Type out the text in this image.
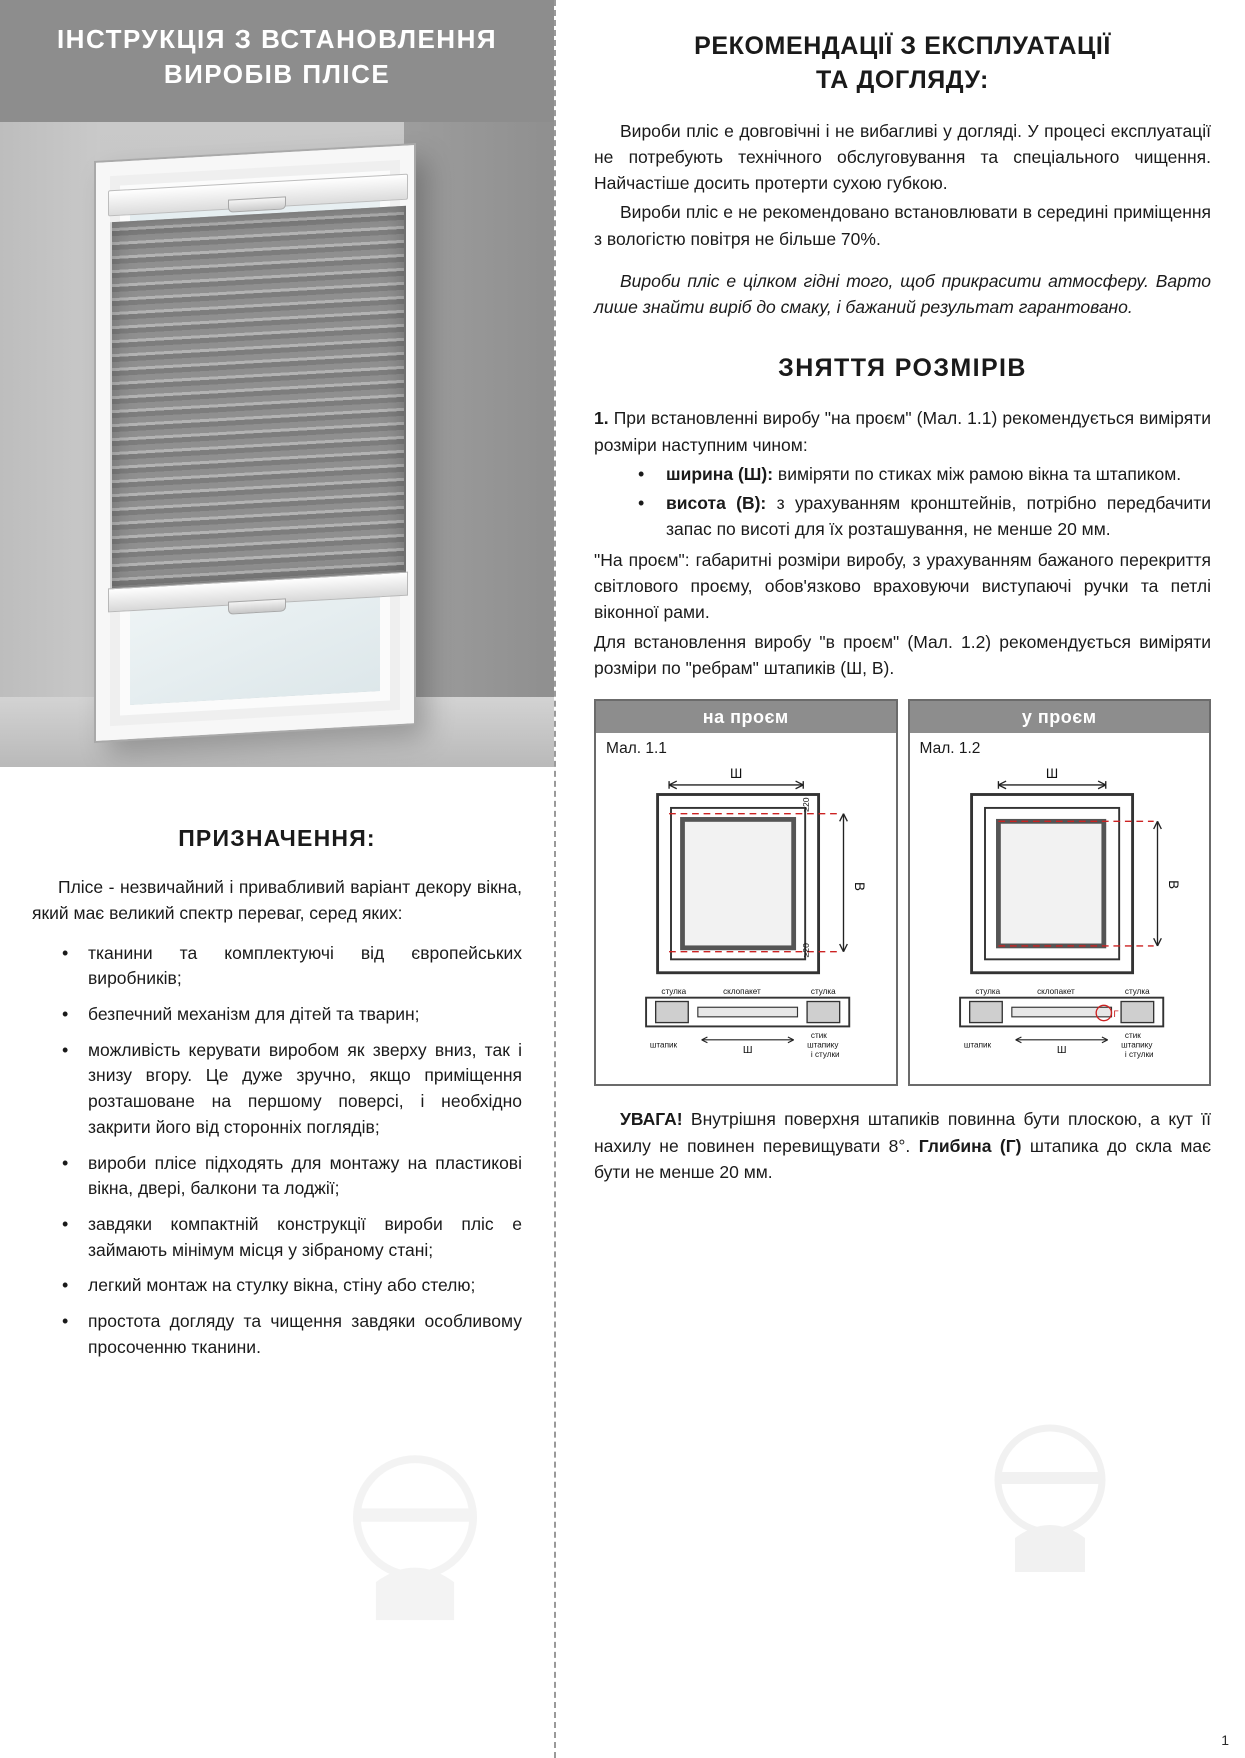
ІНСТРУКЦІЯ З ВСТАНОВЛЕННЯ
ВИРОБІВ ПЛІСЕ
ПРИЗНАЧЕННЯ:

Плісе - незвичайний і привабливий варіант декору вікна, який має великий спектр переваг, серед яких:

• тканини та комплектуючі від європейських виробників;
• безпечний механізм для дітей та тварин;
• можливість керувати виробом як зверху вниз, так і знизу вгору. Це дуже зручно, якщо приміщення розташоване на першому поверсі, і необхідно закрити його від сторонніх поглядів;
• вироби плісе підходять для монтажу на пластикові вікна, двері, балкони та лоджії;
• завдяки компактній конструкції вироби пліс е займають мінімум місця у зібраному стані;
• легкий монтаж на стулку вікна, стіну або стелю;
• простота догляду та чищення завдяки особливому просоченню тканини.
РЕКОМЕНДАЦІЇ З ЕКСПЛУАТАЦІЇ
ТА ДОГЛЯДУ:

Вироби пліс е довговічні і не вибагливі у догляді. У процесі експлуатації не потребують технічного обслуговування та спеціального чищення. Найчастіше досить протерти сухою губкою.

Вироби пліс е не рекомендовано встановлювати в середині приміщення з вологістю повітря не більше 70%.

Вироби пліс е цілком гідні того, щоб прикрасити атмосферу. Варто лише знайти виріб до смаку, і бажаний результат гарантовано.

ЗНЯТТЯ РОЗМІРІВ

1. При встановленні виробу "на проєм" (Мал. 1.1) рекомендується виміряти розміри наступним чином:

• ширина (Ш): виміряти по стиках між рамою вікна та штапиком.
• висота (В): з урахуванням кронштейнів, потрібно передбачити запас по висоті для їх розташування, не менше 20 мм.

"На проєм": габаритні розміри виробу, з урахуванням бажаного перекриття світлового проєму, обов'язково враховуючи виступаючі ручки та петлі віконної рами.

Для встановлення виробу "в проєм" (Мал. 1.2) рекомендується виміряти розміри по "ребрам" штапиків (Ш, В).

на проєм
Мал. 1.1
Ш
В
≥20
≥20
стулка	склопакет	стулка
штапик	Ш
стик
штапику
і стулки
у проєм
Мал. 1.2
Ш
В
стулка	склопакет	стулка
штапик	Ш
Г
стик
штапику
і стулки

УВАГА! Внутрішня поверхня штапиків повинна бути плоскою, а кут її нахилу не повинен перевищувати 8°. Глибина (Г) штапика до скла має бути не менше 20 мм.

1
